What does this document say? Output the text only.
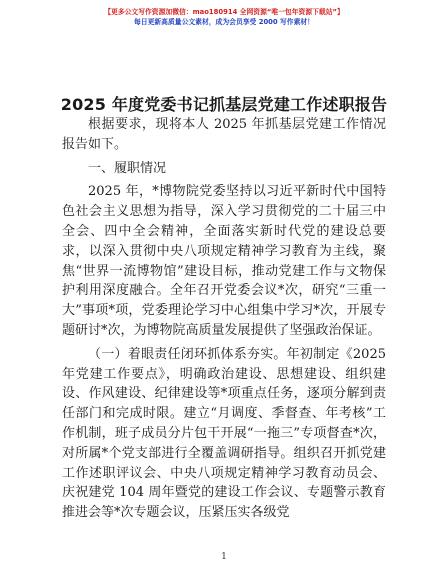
【更多公文写作资源加微信：mao180914 全网资源“唯一包年资源下载站”】
每日更新高质量公文素材，成为会员享受 2000 写作素材！
2025 年度党委书记抓基层党建工作述职报告

根据要求，现将本人 2025 年抓基层党建工作情况报告如下。

一、履职情况

2025 年，*博物院党委坚持以习近平新时代中国特色社会主义思想为指导，深入学习贯彻党的二十届三中全会、四中全会精神，全面落实新时代党的建设总要求，以深入贯彻中央八项规定精神学习教育为主线，聚焦“世界一流博物馆”建设目标，推动党建工作与文物保护利用深度融合。全年召开党委会议*次，研究“三重一大”事项*项，党委理论学习中心组集中学习*次，开展专题研讨*次，为博物院高质量发展提供了坚强政治保证。

（一）着眼责任闭环抓体系夯实。年初制定《2025 年党建工作要点》，明确政治建设、思想建设、组织建设、作风建设、纪律建设等*项重点任务，逐项分解到责任部门和完成时限。建立“月调度、季督查、年考核”工作机制，班子成员分片包干开展“一拖三”专项督查*次，对所属*个党支部进行全覆盖调研指导。组织召开抓党建工作述职评议会、中央八项规定精神学习教育动员会、庆祝建党 104 周年暨党的建设工作会议、专题警示教育推进会等*次专题会议，压紧压实各级党

1
